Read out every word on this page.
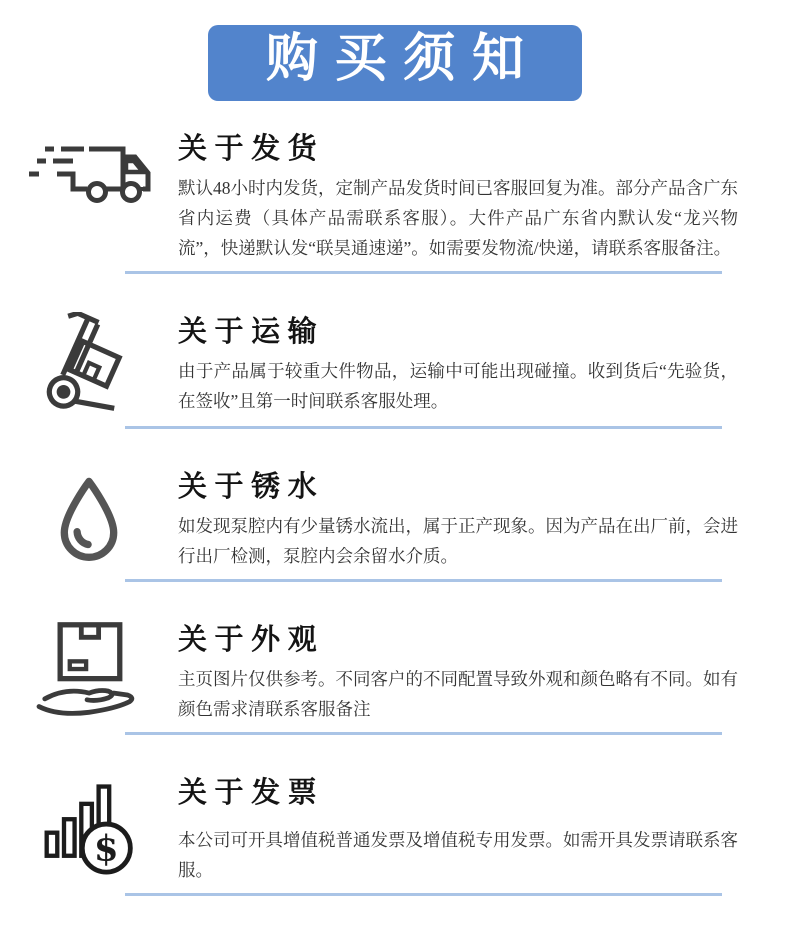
购买须知
关于发货

默认48小时内发货，定制产品发货时间已客服回复为准。部分产品含广东省内运费（具体产品需联系客服）。大件产品广东省内默认发“龙兴物流”，快递默认发“联昊通速递”。如需要发物流/快递，请联系客服备注。

关于运输

由于产品属于较重大件物品，运输中可能出现碰撞。收到货后“先验货，在签收”且第一时间联系客服处理。

关于锈水

如发现泵腔内有少量锈水流出，属于正产现象。因为产品在出厂前，会进行出厂检测，泵腔内会余留水介质。

关于外观

主页图片仅供参考。不同客户的不同配置导致外观和颜色略有不同。如有颜色需求清联系客服备注

$
关于发票

本公司可开具增值税普通发票及增值税专用发票。如需开具发票请联系客服。
